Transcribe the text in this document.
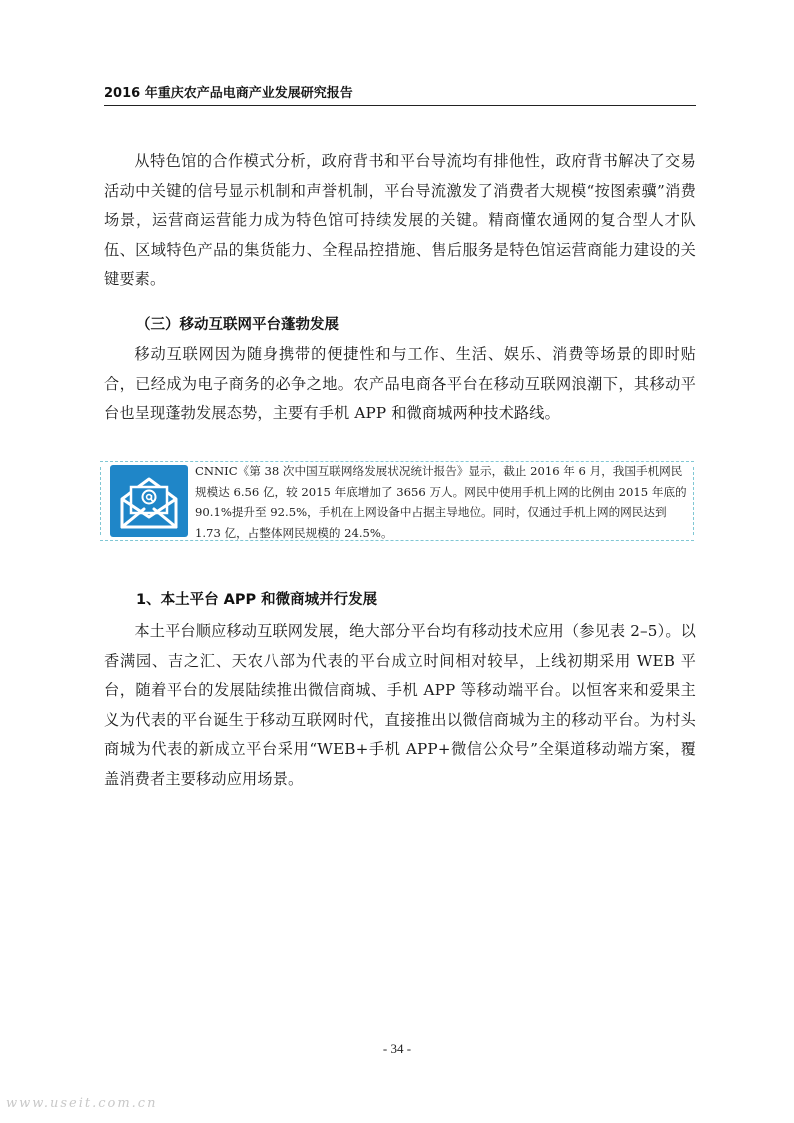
2016 年重庆农产品电商产业发展研究报告

从特色馆的合作模式分析，政府背书和平台导流均有排他性，政府背书解决了交易活动中关键的信号显示机制和声誉机制，平台导流激发了消费者大规模“按图索骥”消费场景，运营商运营能力成为特色馆可持续发展的关键。精商懂农通网的复合型人才队伍、区域特色产品的集货能力、全程品控措施、售后服务是特色馆运营商能力建设的关键要素。

（三）移动互联网平台蓬勃发展

移动互联网因为随身携带的便捷性和与工作、生活、娱乐、消费等场景的即时贴合，已经成为电子商务的必争之地。农产品电商各平台在移动互联网浪潮下，其移动平台也呈现蓬勃发展态势，主要有手机 APP 和微商城两种技术路线。

CNNIC《第 38 次中国互联网络发展状况统计报告》显示，截止 2016 年 6 月，我国手机网民规模达 6.56 亿，较 2015 年底增加了 3656 万人。网民中使用手机上网的比例由 2015 年底的 90.1%提升至 92.5%，手机在上网设备中占据主导地位。同时，仅通过手机上网的网民达到 1.73 亿，占整体网民规模的 24.5%。

1、本土平台 APP 和微商城并行发展

本土平台顺应移动互联网发展，绝大部分平台均有移动技术应用（参见表 2–5）。以香满园、吉之汇、天农八部为代表的平台成立时间相对较早，上线初期采用 WEB 平台，随着平台的发展陆续推出微信商城、手机 APP 等移动端平台。以恒客来和爱果主义为代表的平台诞生于移动互联网时代，直接推出以微信商城为主的移动平台。为村头商城为代表的新成立平台采用“WEB+手机 APP+微信公众号”全渠道移动端方案，覆盖消费者主要移动应用场景。

- 34 -
www.useit.com.cn
